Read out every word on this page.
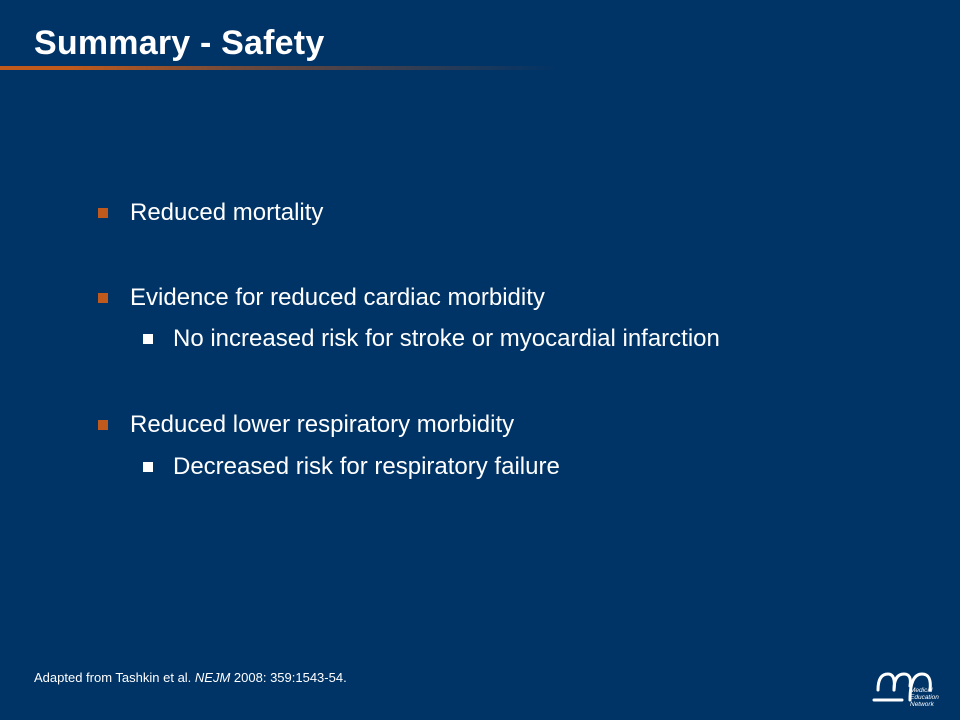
Summary - Safety
Reduced mortality
Evidence for reduced cardiac morbidity
No increased risk for stroke or myocardial infarction
Reduced lower respiratory morbidity
Decreased risk for respiratory failure
Adapted from Tashkin et al. NEJM 2008: 359:1543-54.
Medical
Education
Network
